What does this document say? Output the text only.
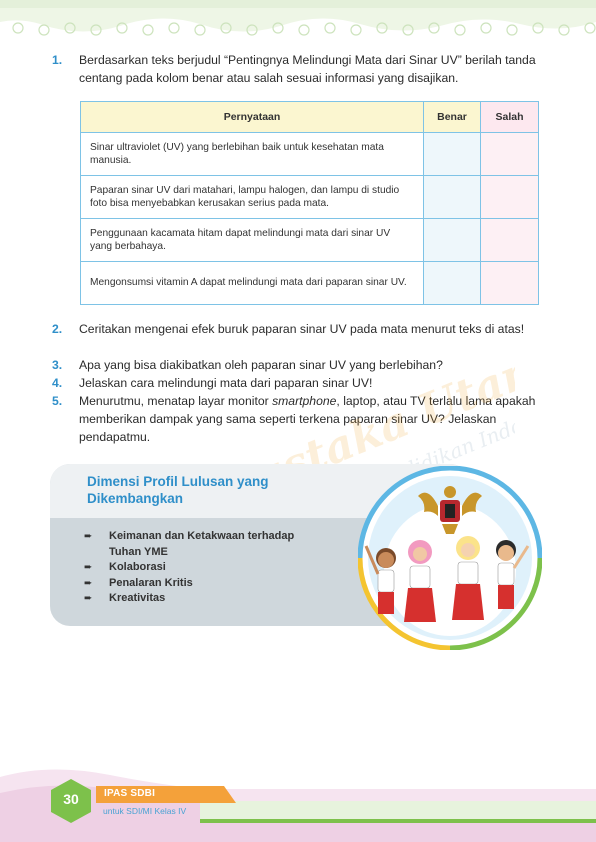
1.	Berdasarkan teks berjudul “Pentingnya Melindungi Mata dari Sinar UV” berilah tanda centang pada kolom benar atau salah sesuai informasi yang disajikan.
Pernyataan	Benar	Salah
Sinar ultraviolet (UV) yang berlebihan baik untuk kesehatan mata manusia.		
Paparan sinar UV dari matahari, lampu halogen, dan lampu di studio foto bisa menyebabkan kerusakan serius pada mata.		
Penggunaan kacamata hitam dapat melindungi mata dari sinar UV yang berbahaya.		
Mengonsumsi vitamin A dapat melindungi mata dari paparan sinar UV.		
2.	Ceritakan mengenai efek buruk paparan sinar UV pada mata menurut teks di atas!
3.	Apa yang bisa diakibatkan oleh paparan sinar UV yang berlebihan?
4.	Jelaskan cara melindungi mata dari paparan sinar UV!
5.	Menurutmu, menatap layar monitor smartphone, laptop, atau TV terlalu lama apakah memberikan dampak yang sama seperti terkena paparan sinar UV? Jelaskan pendapatmu.	Pustaka Utama
Indonesia
Dimensi Profil Lulusan yang Dikembangkan
➨ Keimanan dan Ketakwaan terhadap Tuhan YME
➨ Kolaborasi
➨ Penalaran Kritis
➨ Kreativitas
30	IPAS SDBI
untuk SDI/MI Kelas IV
